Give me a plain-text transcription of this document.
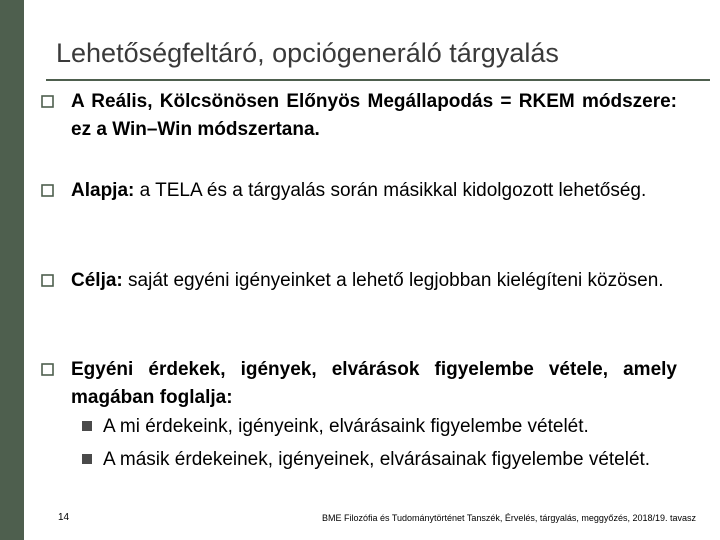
Lehetőségfeltáró, opciógeneráló tárgyalás
A Reális, Kölcsönösen Előnyös Megállapodás = RKEM módszere: ez a Win–Win módszertana.
Alapja: a TELA és a tárgyalás során másikkal kidolgozott lehetőség.
Célja: saját egyéni igényeinket a lehető legjobban kielégíteni közösen.
Egyéni érdekek, igények, elvárások figyelembe vétele, amely magában foglalja:
A mi érdekeink, igényeink, elvárásaink figyelembe vételét.
A másik érdekeinek, igényeinek, elvárásainak figyelembe vételét.
14	BME Filozófia és Tudománytörténet Tanszék, Érvelés, tárgyalás, meggyőzés, 2018/19. tavasz
